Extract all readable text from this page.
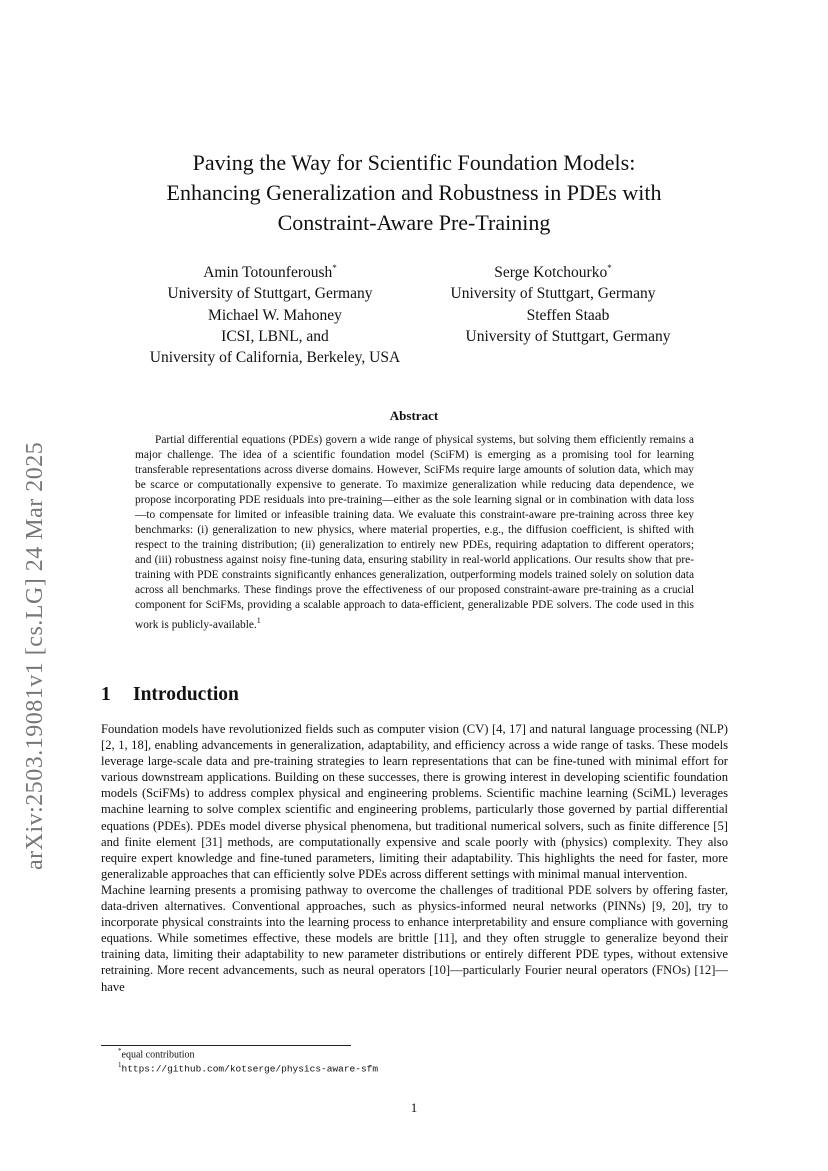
arXiv:2503.19081v1 [cs.LG] 24 Mar 2025
Paving the Way for Scientific Foundation Models:
Enhancing Generalization and Robustness in PDEs with
Constraint-Aware Pre-Training
Amin Totounferoush*
University of Stuttgart, Germany
Serge Kotchourko*
University of Stuttgart, Germany
Michael W. Mahoney
ICSI, LBNL, and
University of California, Berkeley, USA
Steffen Staab
University of Stuttgart, Germany
Abstract
Partial differential equations (PDEs) govern a wide range of physical systems, but solving them efficiently remains a major challenge. The idea of a scientific foundation model (SciFM) is emerging as a promising tool for learning transferable representations across diverse domains. However, SciFMs require large amounts of solution data, which may be scarce or computationally expensive to generate. To maximize generalization while reducing data dependence, we propose incorporating PDE residuals into pre-training—either as the sole learning signal or in combination with data loss—to compensate for limited or infeasible training data. We evaluate this constraint-aware pre-training across three key benchmarks: (i) generalization to new physics, where material properties, e.g., the diffusion coefficient, is shifted with respect to the training distribution; (ii) generalization to entirely new PDEs, requiring adaptation to different operators; and (iii) robustness against noisy fine-tuning data, ensuring stability in real-world applications. Our results show that pre-training with PDE constraints significantly enhances generalization, outperforming models trained solely on solution data across all benchmarks. These findings prove the effectiveness of our proposed constraint-aware pre-training as a crucial component for SciFMs, providing a scalable approach to data-efficient, generalizable PDE solvers. The code used in this work is publicly-available.$^1$
1 Introduction

Foundation models have revolutionized fields such as computer vision (CV) [4, 17] and natural language processing (NLP) [2, 1, 18], enabling advancements in generalization, adaptability, and efficiency across a wide range of tasks. These models leverage large-scale data and pre-training strategies to learn representations that can be fine-tuned with minimal effort for various downstream applications. Building on these successes, there is growing interest in developing scientific foundation models (SciFMs) to address complex physical and engineering problems. Scientific machine learning (SciML) leverages machine learning to solve complex scientific and engineering problems, particularly those governed by partial differential equations (PDEs). PDEs model diverse physical phenomena, but traditional numerical solvers, such as finite difference [5] and finite element [31] methods, are computationally expensive and scale poorly with (physics) complexity. They also require expert knowledge and fine-tuned parameters, limiting their adaptability. This highlights the need for faster, more generalizable approaches that can efficiently solve PDEs across different settings with minimal manual intervention.

Machine learning presents a promising pathway to overcome the challenges of traditional PDE solvers by offering faster, data-driven alternatives. Conventional approaches, such as physics-informed neural networks (PINNs) [9, 20], try to incorporate physical constraints into the learning process to enhance interpretability and ensure compliance with governing equations. While sometimes effective, these models are brittle [11], and they often struggle to generalize beyond their training data, limiting their adaptability to new parameter distributions or entirely different PDE types, without extensive retraining. More recent advancements, such as neural operators [10]—particularly Fourier neural operators (FNOs) [12]—have

*equal contribution
$^1$https://github.com/kotserge/physics-aware-sfm
1
